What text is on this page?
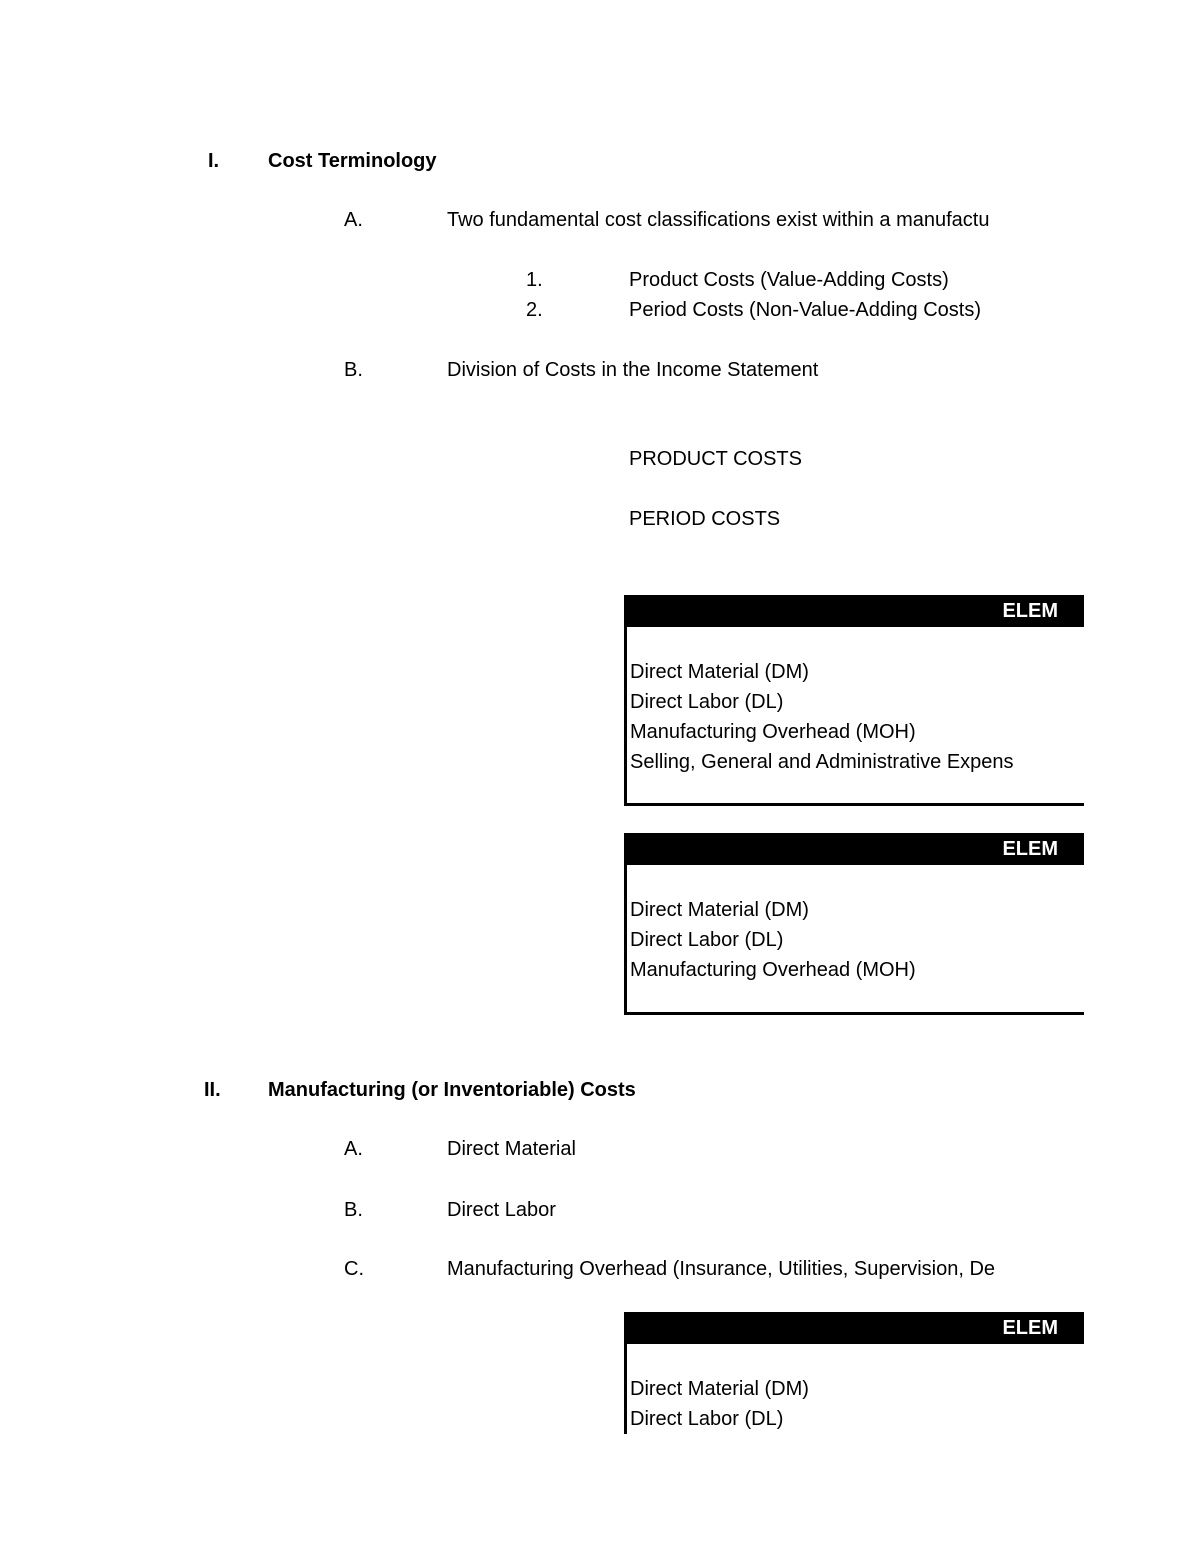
I. Cost Terminology
A.	Two fundamental cost classifications exist within a manufactu
1.	Product Costs (Value-Adding Costs)
2.	Period Costs (Non-Value-Adding Costs)
B.	Division of Costs in the Income Statement
PRODUCT COSTS
PERIOD COSTS
ELEM
Direct Material (DM)
Direct Labor (DL)
Manufacturing Overhead (MOH)
Selling, General and Administrative Expens
ELEM
Direct Material (DM)
Direct Labor (DL)
Manufacturing Overhead (MOH)
II. Manufacturing (or Inventoriable) Costs
A.	Direct Material
B.	Direct Labor
C.	Manufacturing Overhead (Insurance, Utilities, Supervision, De
ELEM
Direct Material (DM)
Direct Labor (DL)
